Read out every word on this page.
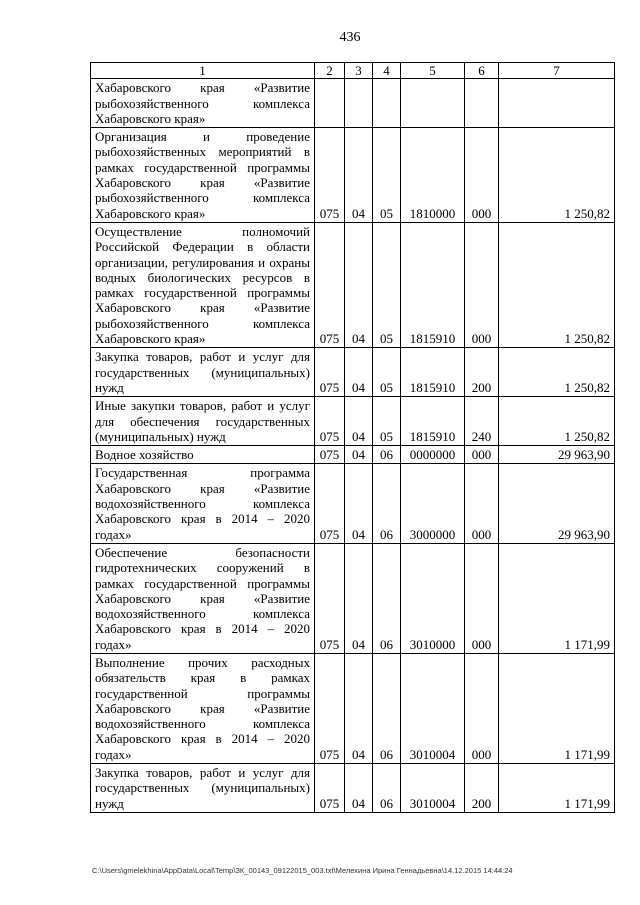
436
1	2	3	4	5	6	7
Хабаровского края «Развитие рыбохозяйственного комплекса Хабаровского края»						
Организация и проведение рыбохозяйственных мероприятий в рамках государственной программы Хабаровского края «Развитие рыбохозяйственного комплекса Хабаровского края»	075	04	05	1810000	000	1 250,82
Осуществление полномочий Российской Федерации в области организации, регулирования и охраны водных биологических ресурсов в рамках государственной программы Хабаровского края «Развитие рыбохозяйственного комплекса Хабаровского края»	075	04	05	1815910	000	1 250,82
Закупка товаров, работ и услуг для государственных (муниципальных) нужд	075	04	05	1815910	200	1 250,82
Иные закупки товаров, работ и услуг для обеспечения государственных (муниципальных) нужд	075	04	05	1815910	240	1 250,82
Водное хозяйство	075	04	06	0000000	000	29 963,90
Государственная программа Хабаровского края «Развитие водохозяйственного комплекса Хабаровского края в 2014 – 2020 годах»	075	04	06	3000000	000	29 963,90
Обеспечение безопасности гидротехнических сооружений в рамках государственной программы Хабаровского края «Развитие водохозяйственного комплекса Хабаровского края в 2014 – 2020 годах»	075	04	06	3010000	000	1 171,99
Выполнение прочих расходных обязательств края в рамках государственной программы Хабаровского края «Развитие водохозяйственного комплекса Хабаровского края в 2014 – 2020 годах»	075	04	06	3010004	000	1 171,99
Закупка товаров, работ и услуг для государственных (муниципальных) нужд	075	04	06	3010004	200	1 171,99
C:\Users\gmelekhina\AppData\Local\Temp\ЗК_00143_09122015_003.txt\Мелехина Ирина Геннадьевна\14.12.2015 14:44:24
